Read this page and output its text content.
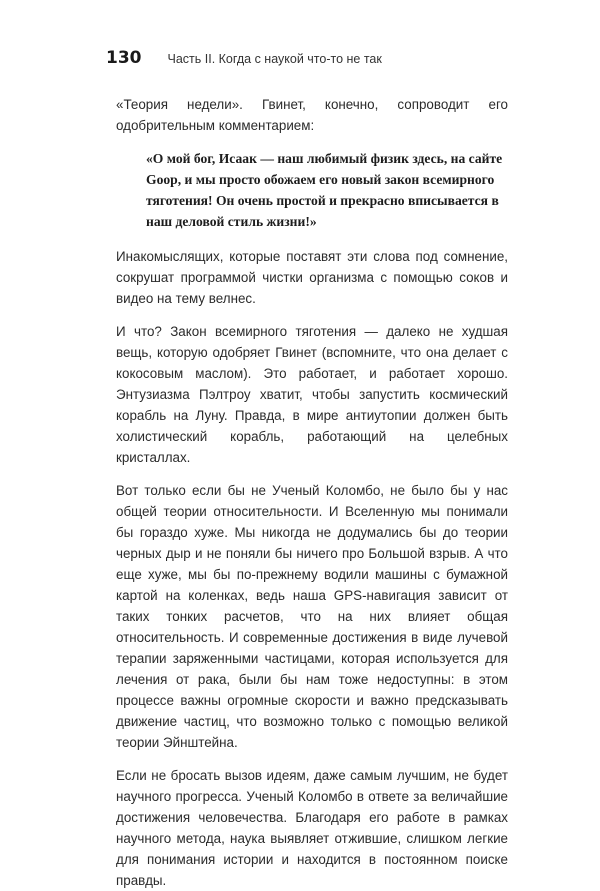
130 Часть II. Когда с наукой что-то не так

«Теория недели». Гвинет, конечно, сопроводит его одобрительным комментарием:

«О мой бог, Исаак — наш любимый физик здесь, на сайте Goop, и мы просто обожаем его новый закон всемирного тяготения! Он очень простой и прекрасно вписывается в наш деловой стиль жизни!»

Инакомыслящих, которые поставят эти слова под сомнение, сокрушат программой чистки организма с помощью соков и видео на тему велнес.

И что? Закон всемирного тяготения — далеко не худшая вещь, которую одобряет Гвинет (вспомните, что она делает с кокосовым маслом). Это работает, и работает хорошо. Энтузиазма Пэлтроу хватит, чтобы запустить космический корабль на Луну. Правда, в мире антиутопии должен быть холистический корабль, работающий на целебных кристаллах.

Вот только если бы не Ученый Коломбо, не было бы у нас общей теории относительности. И Вселенную мы понимали бы гораздо хуже. Мы никогда не додумались бы до теории черных дыр и не поняли бы ничего про Большой взрыв. А что еще хуже, мы бы по-прежнему водили машины с бумажной картой на коленках, ведь наша GPS-навигация зависит от таких тонких расчетов, что на них влияет общая относительность. И современные достижения в виде лучевой терапии заряженными частицами, которая используется для лечения от рака, были бы нам тоже недоступны: в этом процессе важны огромные скорости и важно предсказывать движение частиц, что возможно только с помощью великой теории Эйнштейна.

Если не бросать вызов идеям, даже самым лучшим, не будет научного прогресса. Ученый Коломбо в ответе за величайшие достижения человечества. Благодаря его работе в рамках научного метода, наука выявляет отжившие, слишком легкие для понимания истории и находится в постоянном поиске правды.
